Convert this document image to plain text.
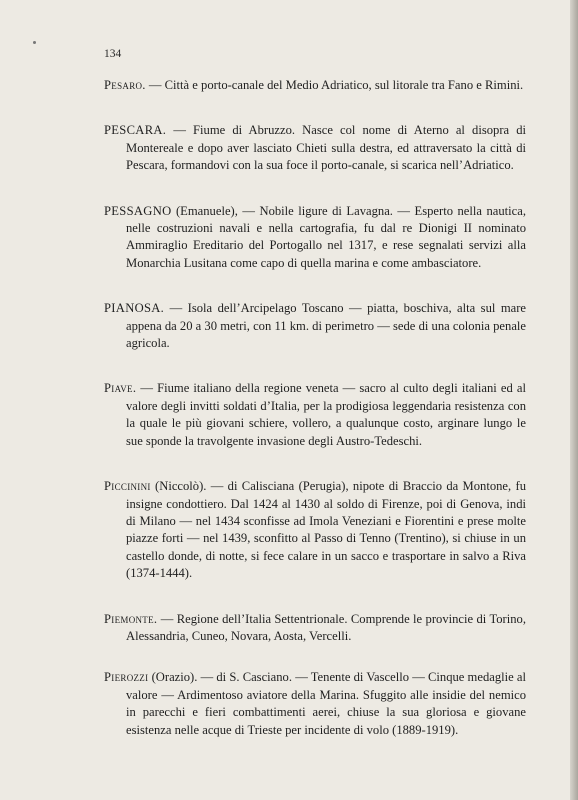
134

Pesaro. — Città e porto-canale del Medio Adriatico, sul litorale tra Fano e Rimini.

PESCARA. — Fiume di Abruzzo. Nasce col nome di Aterno al disopra di Montereale e dopo aver lasciato Chieti sulla destra, ed attraversato la città di Pescara, formandovi con la sua foce il porto-canale, si scarica nell’Adriatico.

PESSAGNO (Emanuele), — Nobile ligure di Lavagna. — Esperto nella nautica, nelle costruzioni navali e nella cartografia, fu dal re Dionigi II nominato Ammiraglio Ereditario del Portogallo nel 1317, e rese segnalati servizi alla Monarchia Lusitana come capo di quella marina e come ambasciatore.

PIANOSA. — Isola dell’Arcipelago Toscano — piatta, boschiva, alta sul mare appena da 20 a 30 metri, con 11 km. di perimetro — sede di una colonia penale agricola.

Piave. — Fiume italiano della regione veneta — sacro al culto degli italiani ed al valore degli invitti soldati d’Italia, per la prodigiosa leggendaria resistenza con la quale le più giovani schiere, vollero, a qualunque costo, arginare lungo le sue sponde la travolgente invasione degli Austro-Tedeschi.

Piccinini (Niccolò). — di Calisciana (Perugia), nipote di Braccio da Montone, fu insigne condottiero. Dal 1424 al 1430 al soldo di Firenze, poi di Genova, indi di Milano — nel 1434 sconfisse ad Imola Veneziani e Fiorentini e prese molte piazze forti — nel 1439, sconfitto al Passo di Tenno (Trentino), si chiuse in un castello donde, di notte, si fece calare in un sacco e trasportare in salvo a Riva (1374-1444).

Piemonte. — Regione dell’Italia Settentrionale. Comprende le provincie di Torino, Alessandria, Cuneo, Novara, Aosta, Vercelli.

Pierozzi (Orazio). — di S. Casciano. — Tenente di Vascello — Cinque medaglie al valore — Ardimentoso aviatore della Marina. Sfuggito alle insidie del nemico in parecchi e fieri combattimenti aerei, chiuse la sua gloriosa e giovane esistenza nelle acque di Trieste per incidente di volo (1889-1919).
